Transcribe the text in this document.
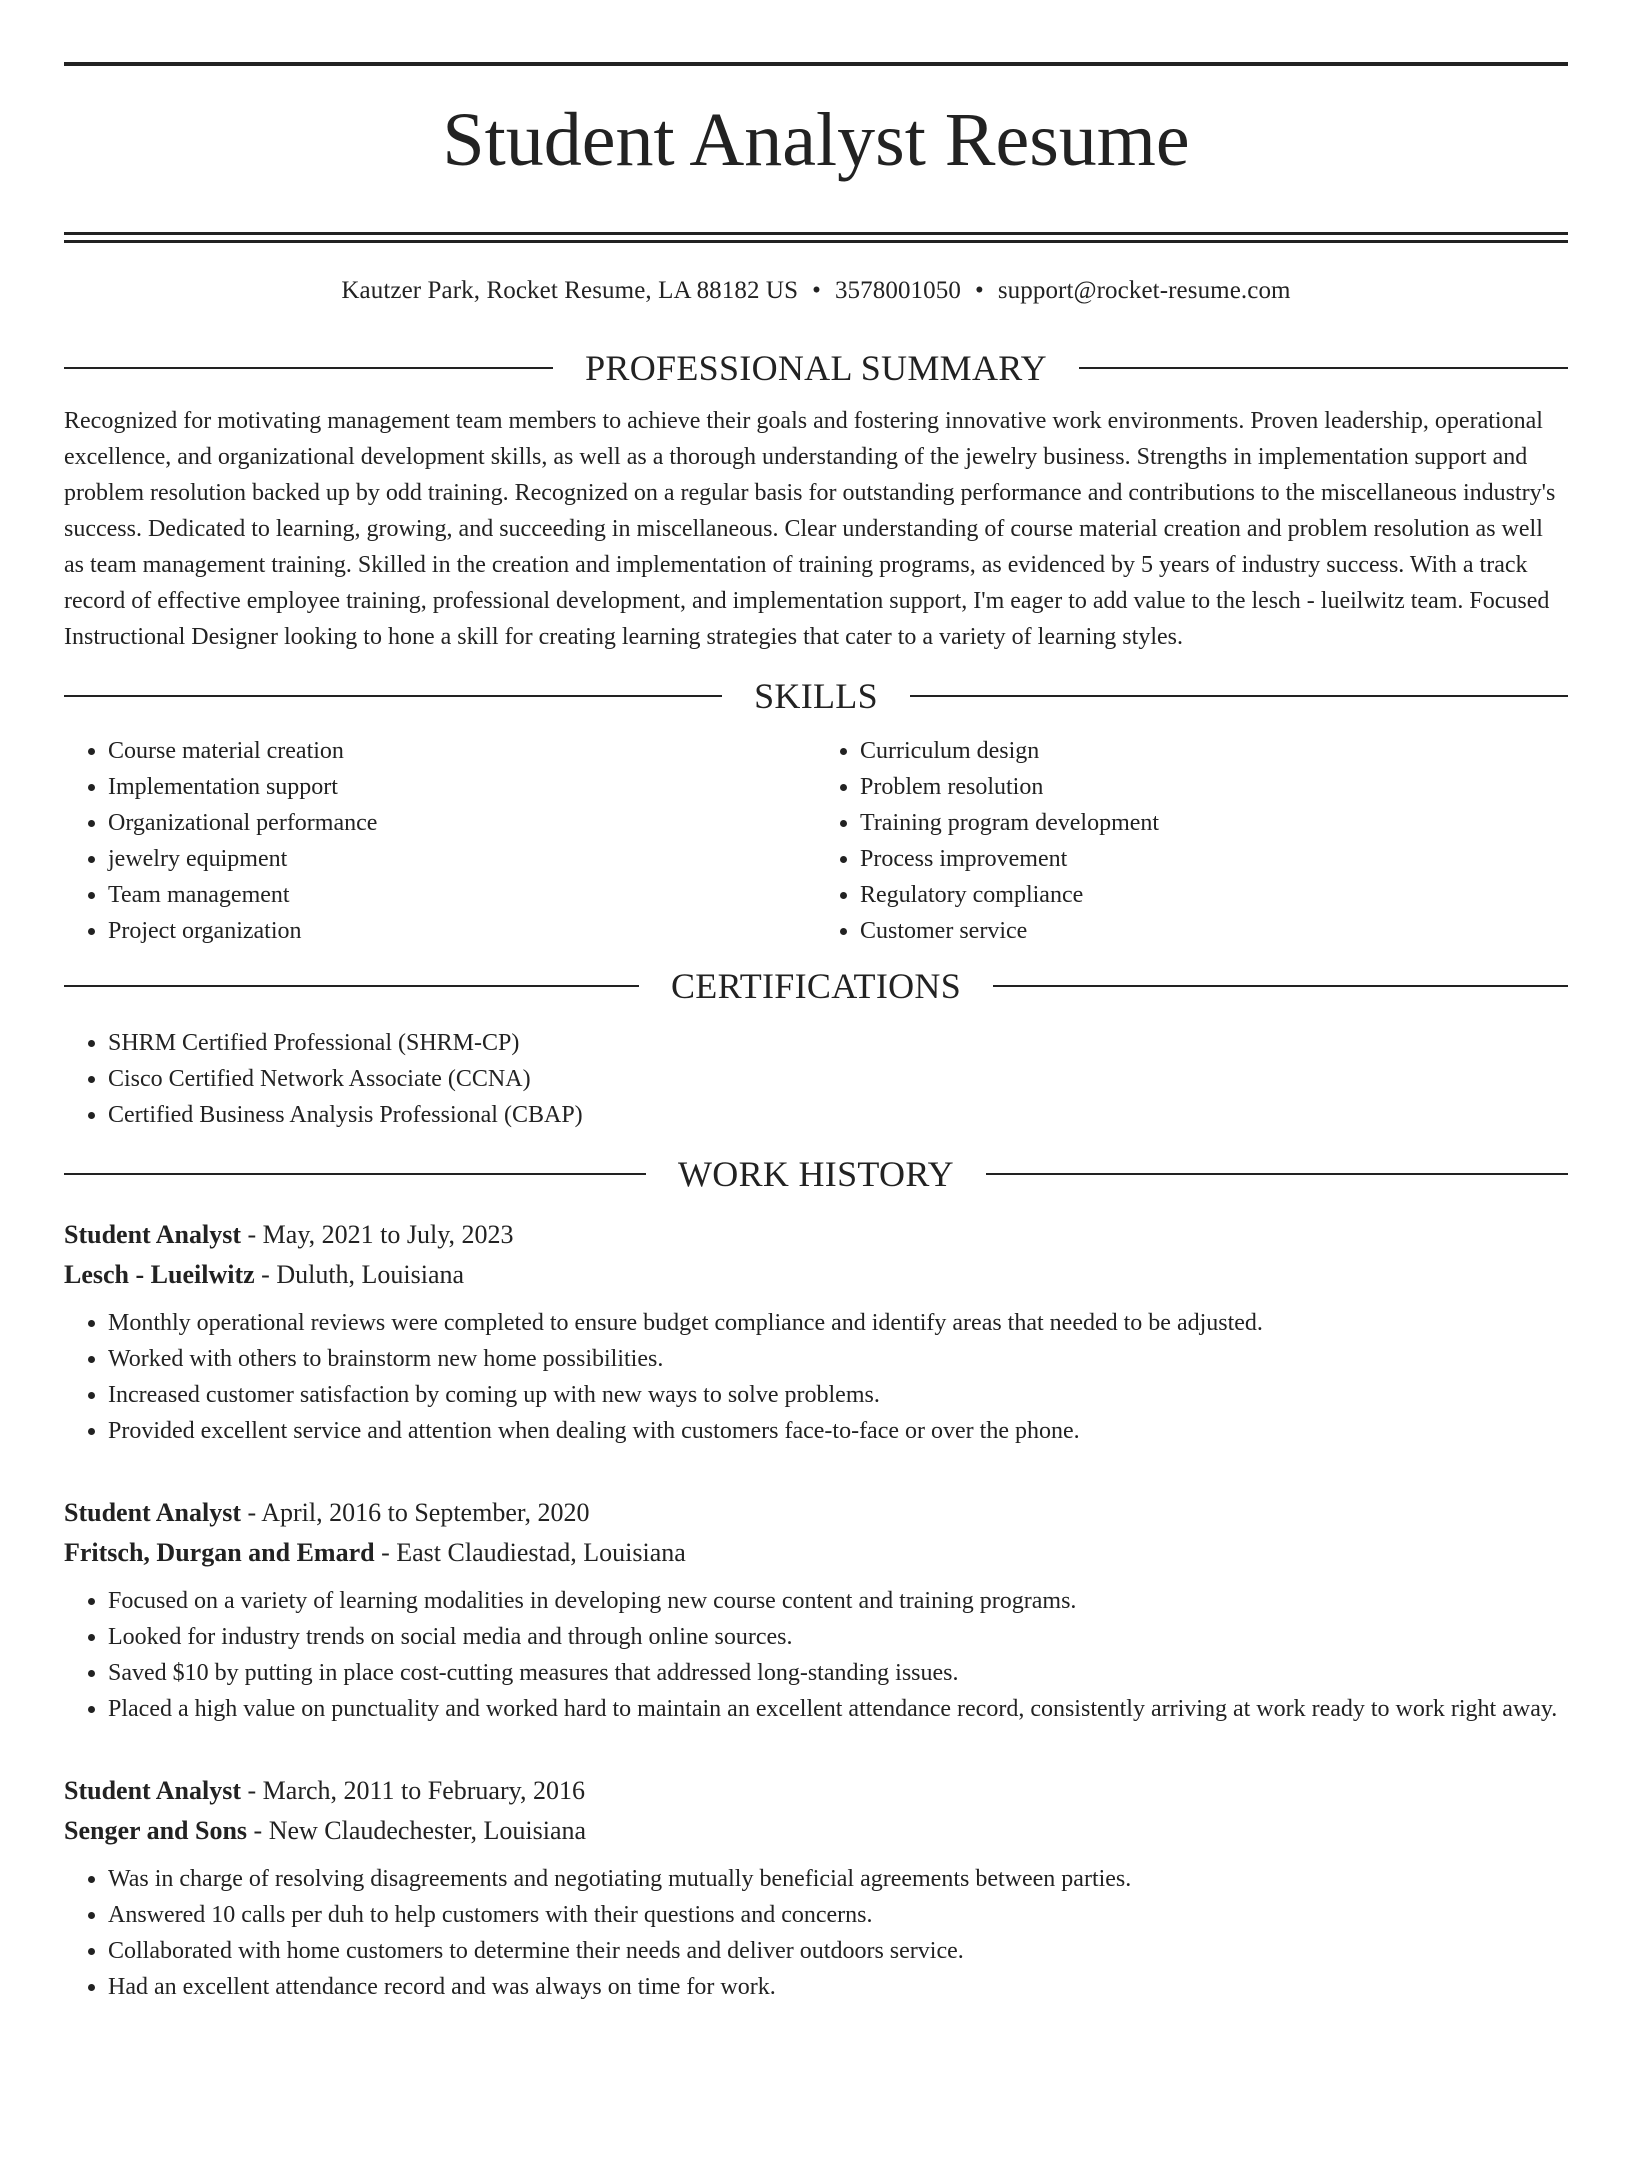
Student Analyst Resume
Kautzer Park, Rocket Resume, LA 88182 US • 3578001050 • support@rocket-resume.com
PROFESSIONAL SUMMARY

Recognized for motivating management team members to achieve their goals and fostering innovative work environments. Proven leadership, operational excellence, and organizational development skills, as well as a thorough understanding of the jewelry business. Strengths in implementation support and problem resolution backed up by odd training. Recognized on a regular basis for outstanding performance and contributions to the miscellaneous industry's success. Dedicated to learning, growing, and succeeding in miscellaneous. Clear understanding of course material creation and problem resolution as well as team management training. Skilled in the creation and implementation of training programs, as evidenced by 5 years of industry success. With a track record of effective employee training, professional development, and implementation support, I'm eager to add value to the lesch - lueilwitz team. Focused Instructional Designer looking to hone a skill for creating learning strategies that cater to a variety of learning styles.

SKILLS
• Course material creation
• Implementation support
• Organizational performance
• jewelry equipment
• Team management
• Project organization
• Curriculum design
• Problem resolution
• Training program development
• Process improvement
• Regulatory compliance
• Customer service
CERTIFICATIONS
• SHRM Certified Professional (SHRM-CP)
• Cisco Certified Network Associate (CCNA)
• Certified Business Analysis Professional (CBAP)
WORK HISTORY
Student Analyst - May, 2021 to July, 2023
Lesch - Lueilwitz - Duluth, Louisiana
• Monthly operational reviews were completed to ensure budget compliance and identify areas that needed to be adjusted.
• Worked with others to brainstorm new home possibilities.
• Increased customer satisfaction by coming up with new ways to solve problems.
• Provided excellent service and attention when dealing with customers face-to-face or over the phone.
Student Analyst - April, 2016 to September, 2020
Fritsch, Durgan and Emard - East Claudiestad, Louisiana
• Focused on a variety of learning modalities in developing new course content and training programs.
• Looked for industry trends on social media and through online sources.
• Saved $10 by putting in place cost-cutting measures that addressed long-standing issues.
• Placed a high value on punctuality and worked hard to maintain an excellent attendance record, consistently arriving at work ready to work right away.
Student Analyst - March, 2011 to February, 2016
Senger and Sons - New Claudechester, Louisiana
• Was in charge of resolving disagreements and negotiating mutually beneficial agreements between parties.
• Answered 10 calls per duh to help customers with their questions and concerns.
• Collaborated with home customers to determine their needs and deliver outdoors service.
• Had an excellent attendance record and was always on time for work.
